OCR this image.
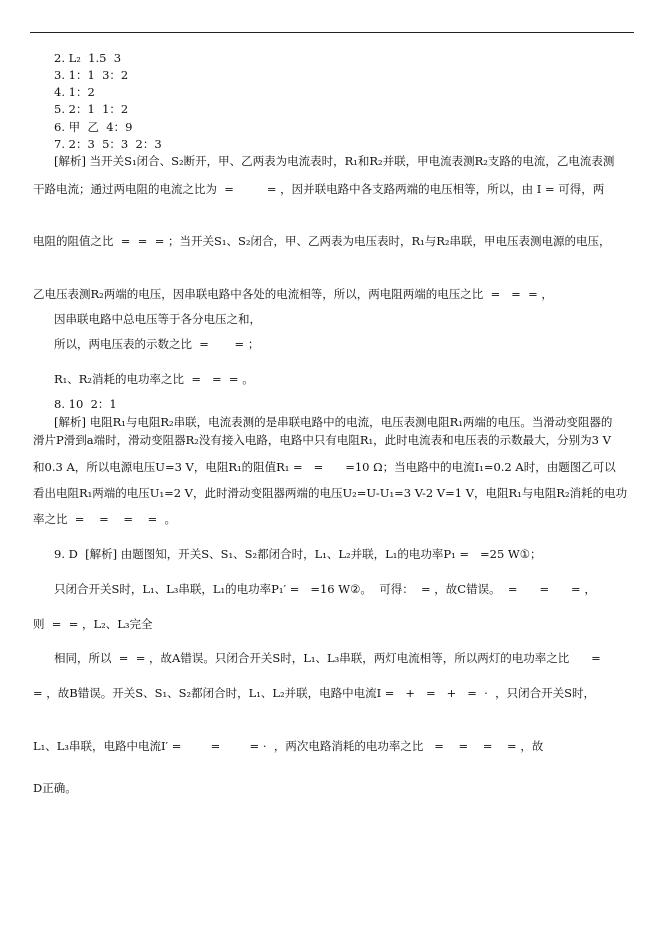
2. L₂  1.5  3
3. 1：1  3：2
4. 1：2
5. 2：1  1：2
6. 甲  乙  4：9
7. 2：3  5：3  2：3
[解析] 当开关S₁闭合、S₂断开，甲、乙两表为电流表时，R₁和R₂并联，甲电流表测R₂支路的电流，乙电流表测
干路电流；通过两电阻的电流之比为  =         = ，因并联电路中各支路两端的电压相等，所以，由 I = 可得，两
电阻的阻值之比  =  =  = ；当开关S₁、S₂闭合，甲、乙两表为电压表时，R₁与R₂串联，甲电压表测电源的电压，
乙电压表测R₂两端的电压，因串联电路中各处的电流相等，所以，两电阻两端的电压之比  =   =  = ，
因串联电路中总电压等于各分电压之和，
所以，两电压表的示数之比  =       = ；
R₁、R₂消耗的电功率之比  =   =  = 。
8. 10  2：1
[解析] 电阻R₁与电阻R₂串联，电流表测的是串联电路中的电流，电压表测电阻R₁两端的电压。当滑动变阻器的
滑片P滑到a端时，滑动变阻器R₂没有接入电路，电路中只有电阻R₁，此时电流表和电压表的示数最大，分别为3 V
和0.3 A，所以电源电压U=3 V，电阻R₁的阻值R₁ =   =      =10 Ω；当电路中的电流I₁=0.2 A时，由题图乙可以
看出电阻R₁两端的电压U₁=2 V，此时滑动变阻器两端的电压U₂=U-U₁=3 V-2 V=1 V，电阻R₁与电阻R₂消耗的电功
率之比  =    =    =    =  。
9. D  [解析] 由题图知，开关S、S₁、S₂都闭合时，L₁、L₂并联，L₁的电功率P₁ =   =25 W①；
只闭合开关S时，L₁、L₃串联，L₁的电功率P₁′ =   =16 W②。  可得：  = ，故C错误。  =      =      = ，
则  =  = ，L₂、L₃完全
相同，所以  =  = ，故A错误。只闭合开关S时，L₁、L₃串联，两灯电流相等，所以两灯的电功率之比      =
= ，故B错误。开关S、S₁、S₂都闭合时，L₁、L₂并联，电路中电流I =   +   =   +   =  ·  ，只闭合开关S时，
L₁、L₃串联，电路中电流I′ =        =        = ·  ，两次电路消耗的电功率之比   =    =    =    = ，故
D正确。
